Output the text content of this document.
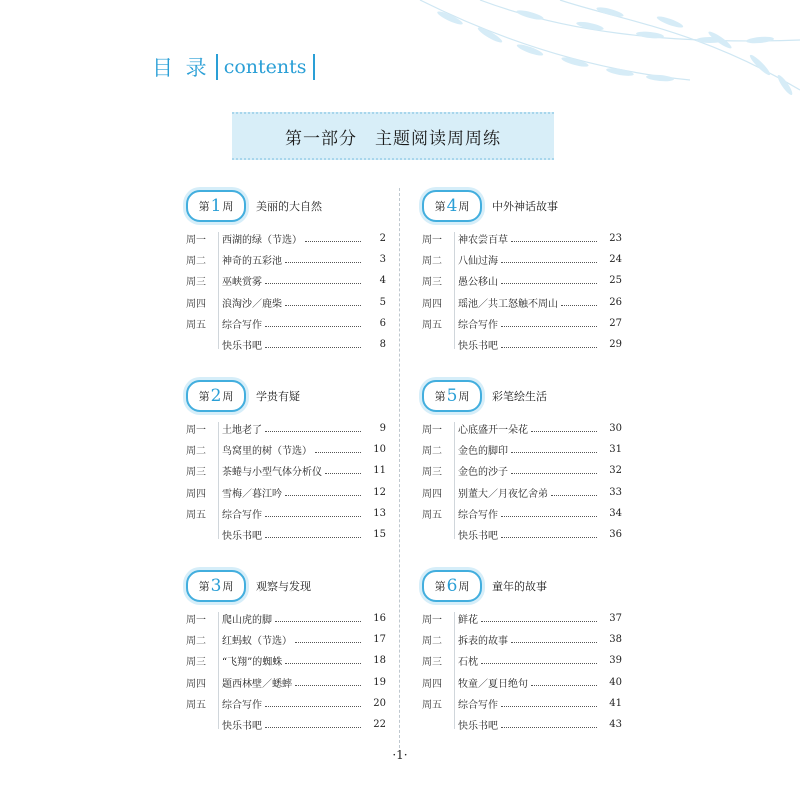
目 录 contents
第一部分　主题阅读周周练
第 1 周 美丽的大自然
周一	西湖的绿（节选）	2
周二	神奇的五彩池	3
周三	巫峡赏雾	4
周四	浪淘沙／鹿柴	5
周五	综合写作	6
快乐书吧	8
第 2 周 学贵有疑
周一	土地老了	9
周二	鸟窝里的树（节选）	10
周三	茶蜷与小型气体分析仪	11
周四	雪梅／暮江吟	12
周五	综合写作	13
快乐书吧	15
第 3 周 观察与发现
周一	爬山虎的脚	16
周二	红蚂蚁（节选）	17
周三	“飞翔”的蜘蛛	18
周四	题西林壁／蟋蟀	19
周五	综合写作	20
快乐书吧	22
第 4 周 中外神话故事
周一	神农尝百草	23
周二	八仙过海	24
周三	愚公移山	25
周四	瑶池／共工怒触不周山	26
周五	综合写作	27
快乐书吧	29
第 5 周 彩笔绘生活
周一	心底盛开一朵花	30
周二	金色的脚印	31
周三	金色的沙子	32
周四	别董大／月夜忆舍弟	33
周五	综合写作	34
快乐书吧	36
第 6 周 童年的故事
周一	鲜花	37
周二	拆表的故事	38
周三	石枕	39
周四	牧童／夏日绝句	40
周五	综合写作	41
快乐书吧	43
·1·
